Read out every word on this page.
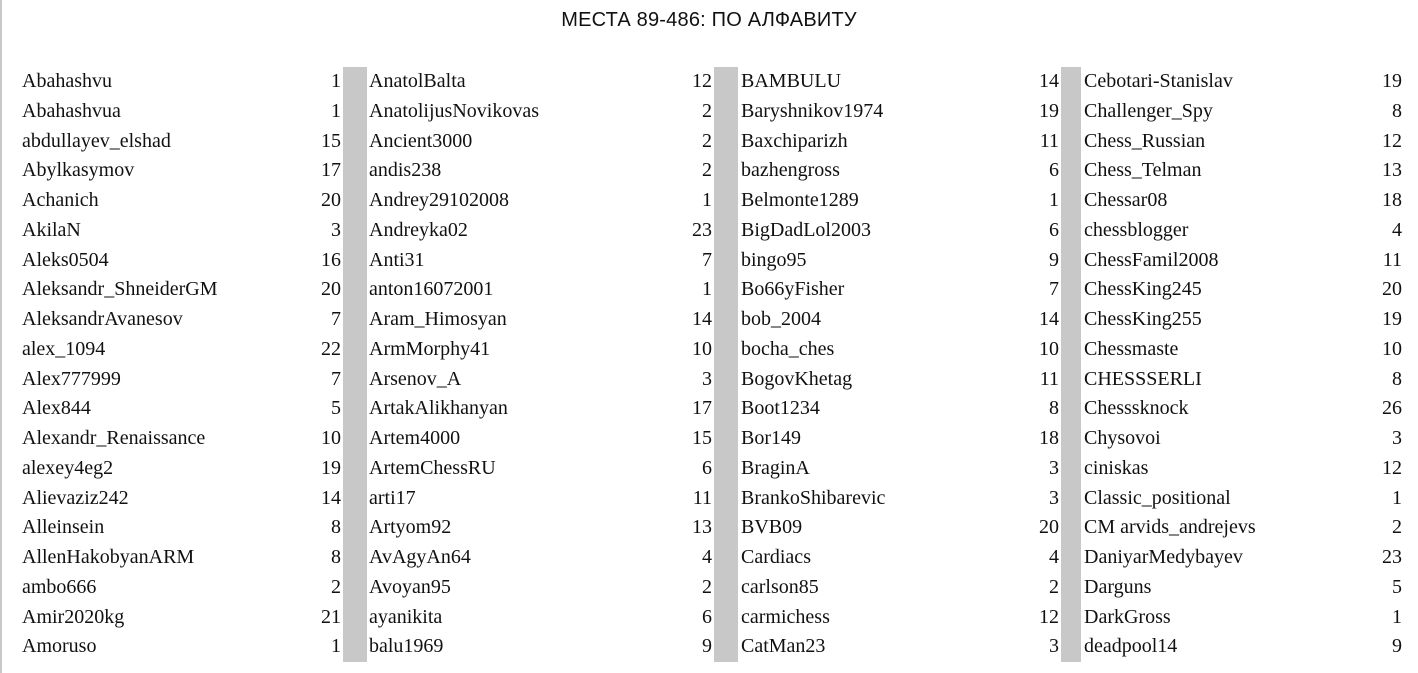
МЕСТА 89-486: ПО АЛФАВИТУ
Abahashvu	1
Abahashvua	1
abdullayev_elshad	15
Abylkasymov	17
Achanich	20
AkilaN	3
Aleks0504	16
Aleksandr_ShneiderGM	20
AleksandrAvanesov	7
alex_1094	22
Alex777999	7
Alex844	5
Alexandr_Renaissance	10
alexey4eg2	19
Alievaziz242	14
Alleinsein	8
AllenHakobyanARM	8
ambo666	2
Amir2020kg	21
Amoruso	1
AnatolBalta	12
AnatolijusNovikovas	2
Ancient3000	2
andis238	2
Andrey29102008	1
Andreyka02	23
Anti31	7
anton16072001	1
Aram_Himosyan	14
ArmMorphy41	10
Arsenov_A	3
ArtakAlikhanyan	17
Artem4000	15
ArtemChessRU	6
arti17	11
Artyom92	13
AvAgyAn64	4
Avoyan95	2
ayanikita	6
balu1969	9
BAMBULU	14
Baryshnikov1974	19
Baxchiparizh	11
bazhengross	6
Belmonte1289	1
BigDadLol2003	6
bingo95	9
Bo66yFisher	7
bob_2004	14
bocha_ches	10
BogovKhetag	11
Boot1234	8
Bor149	18
BraginA	3
BrankoShibarevic	3
BVB09	20
Cardiacs	4
carlson85	2
carmichess	12
CatMan23	3
Cebotari-Stanislav	19
Challenger_Spy	8
Chess_Russian	12
Chess_Telman	13
Chessar08	18
chessblogger	4
ChessFamil2008	11
ChessKing245	20
ChessKing255	19
Chessmaste	10
CHESSSERLI	8
Chesssknock	26
Chysovoi	3
ciniskas	12
Classic_positional	1
CM arvids_andrejevs	2
DaniyarMedybayev	23
Darguns	5
DarkGross	1
deadpool14	9
